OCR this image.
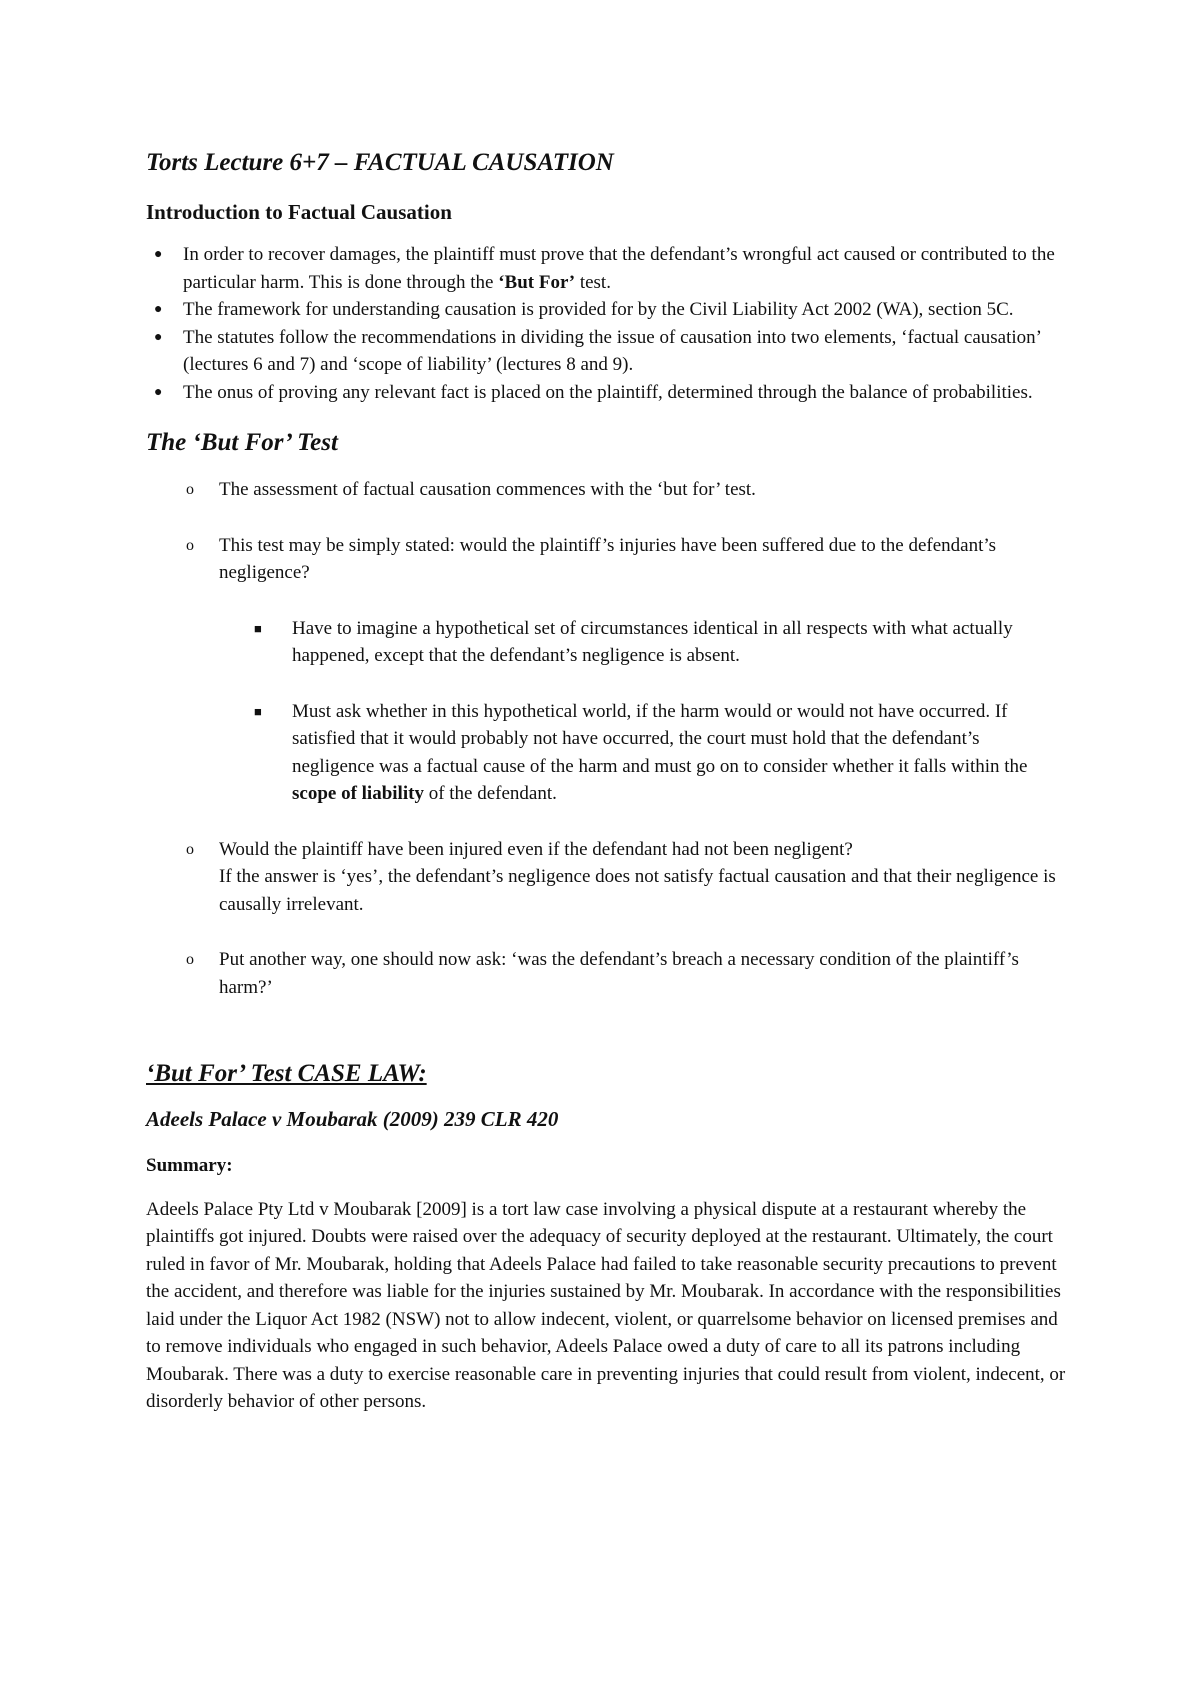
Torts Lecture 6+7 – FACTUAL CAUSATION
Introduction to Factual Causation
● In order to recover damages, the plaintiff must prove that the defendant’s wrongful act caused or contributed to the particular harm. This is done through the ‘But For’ test.
● The framework for understanding causation is provided for by the Civil Liability Act 2002 (WA), section 5C.
● The statutes follow the recommendations in dividing the issue of causation into two elements, ‘factual causation’ (lectures 6 and 7) and ‘scope of liability’ (lectures 8 and 9).
● The onus of proving any relevant fact is placed on the plaintiff, determined through the balance of probabilities.
The ‘But For’ Test
o The assessment of factual causation commences with the ‘but for’ test.
o This test may be simply stated: would the plaintiff’s injuries have been suffered due to the defendant’s negligence?
■ Have to imagine a hypothetical set of circumstances identical in all respects with what actually happened, except that the defendant’s negligence is absent.
■ Must ask whether in this hypothetical world, if the harm would or would not have occurred. If satisfied that it would probably not have occurred, the court must hold that the defendant’s negligence was a factual cause of the harm and must go on to consider whether it falls within the scope of liability of the defendant.
o Would the plaintiff have been injured even if the defendant had not been negligent?
If the answer is ‘yes’, the defendant’s negligence does not satisfy factual causation and that their negligence is causally irrelevant.
o Put another way, one should now ask: ‘was the defendant’s breach a necessary condition of the plaintiff’s harm?’
‘But For’ Test CASE LAW:
Adeels Palace v Moubarak (2009) 239 CLR 420
Summary:

Adeels Palace Pty Ltd v Moubarak [2009] is a tort law case involving a physical dispute at a restaurant whereby the plaintiffs got injured. Doubts were raised over the adequacy of security deployed at the restaurant. Ultimately, the court ruled in favor of Mr. Moubarak, holding that Adeels Palace had failed to take reasonable security precautions to prevent the accident, and therefore was liable for the injuries sustained by Mr. Moubarak. In accordance with the responsibilities laid under the Liquor Act 1982 (NSW) not to allow indecent, violent, or quarrelsome behavior on licensed premises and to remove individuals who engaged in such behavior, Adeels Palace owed a duty of care to all its patrons including Moubarak. There was a duty to exercise reasonable care in preventing injuries that could result from violent, indecent, or disorderly behavior of other persons.
